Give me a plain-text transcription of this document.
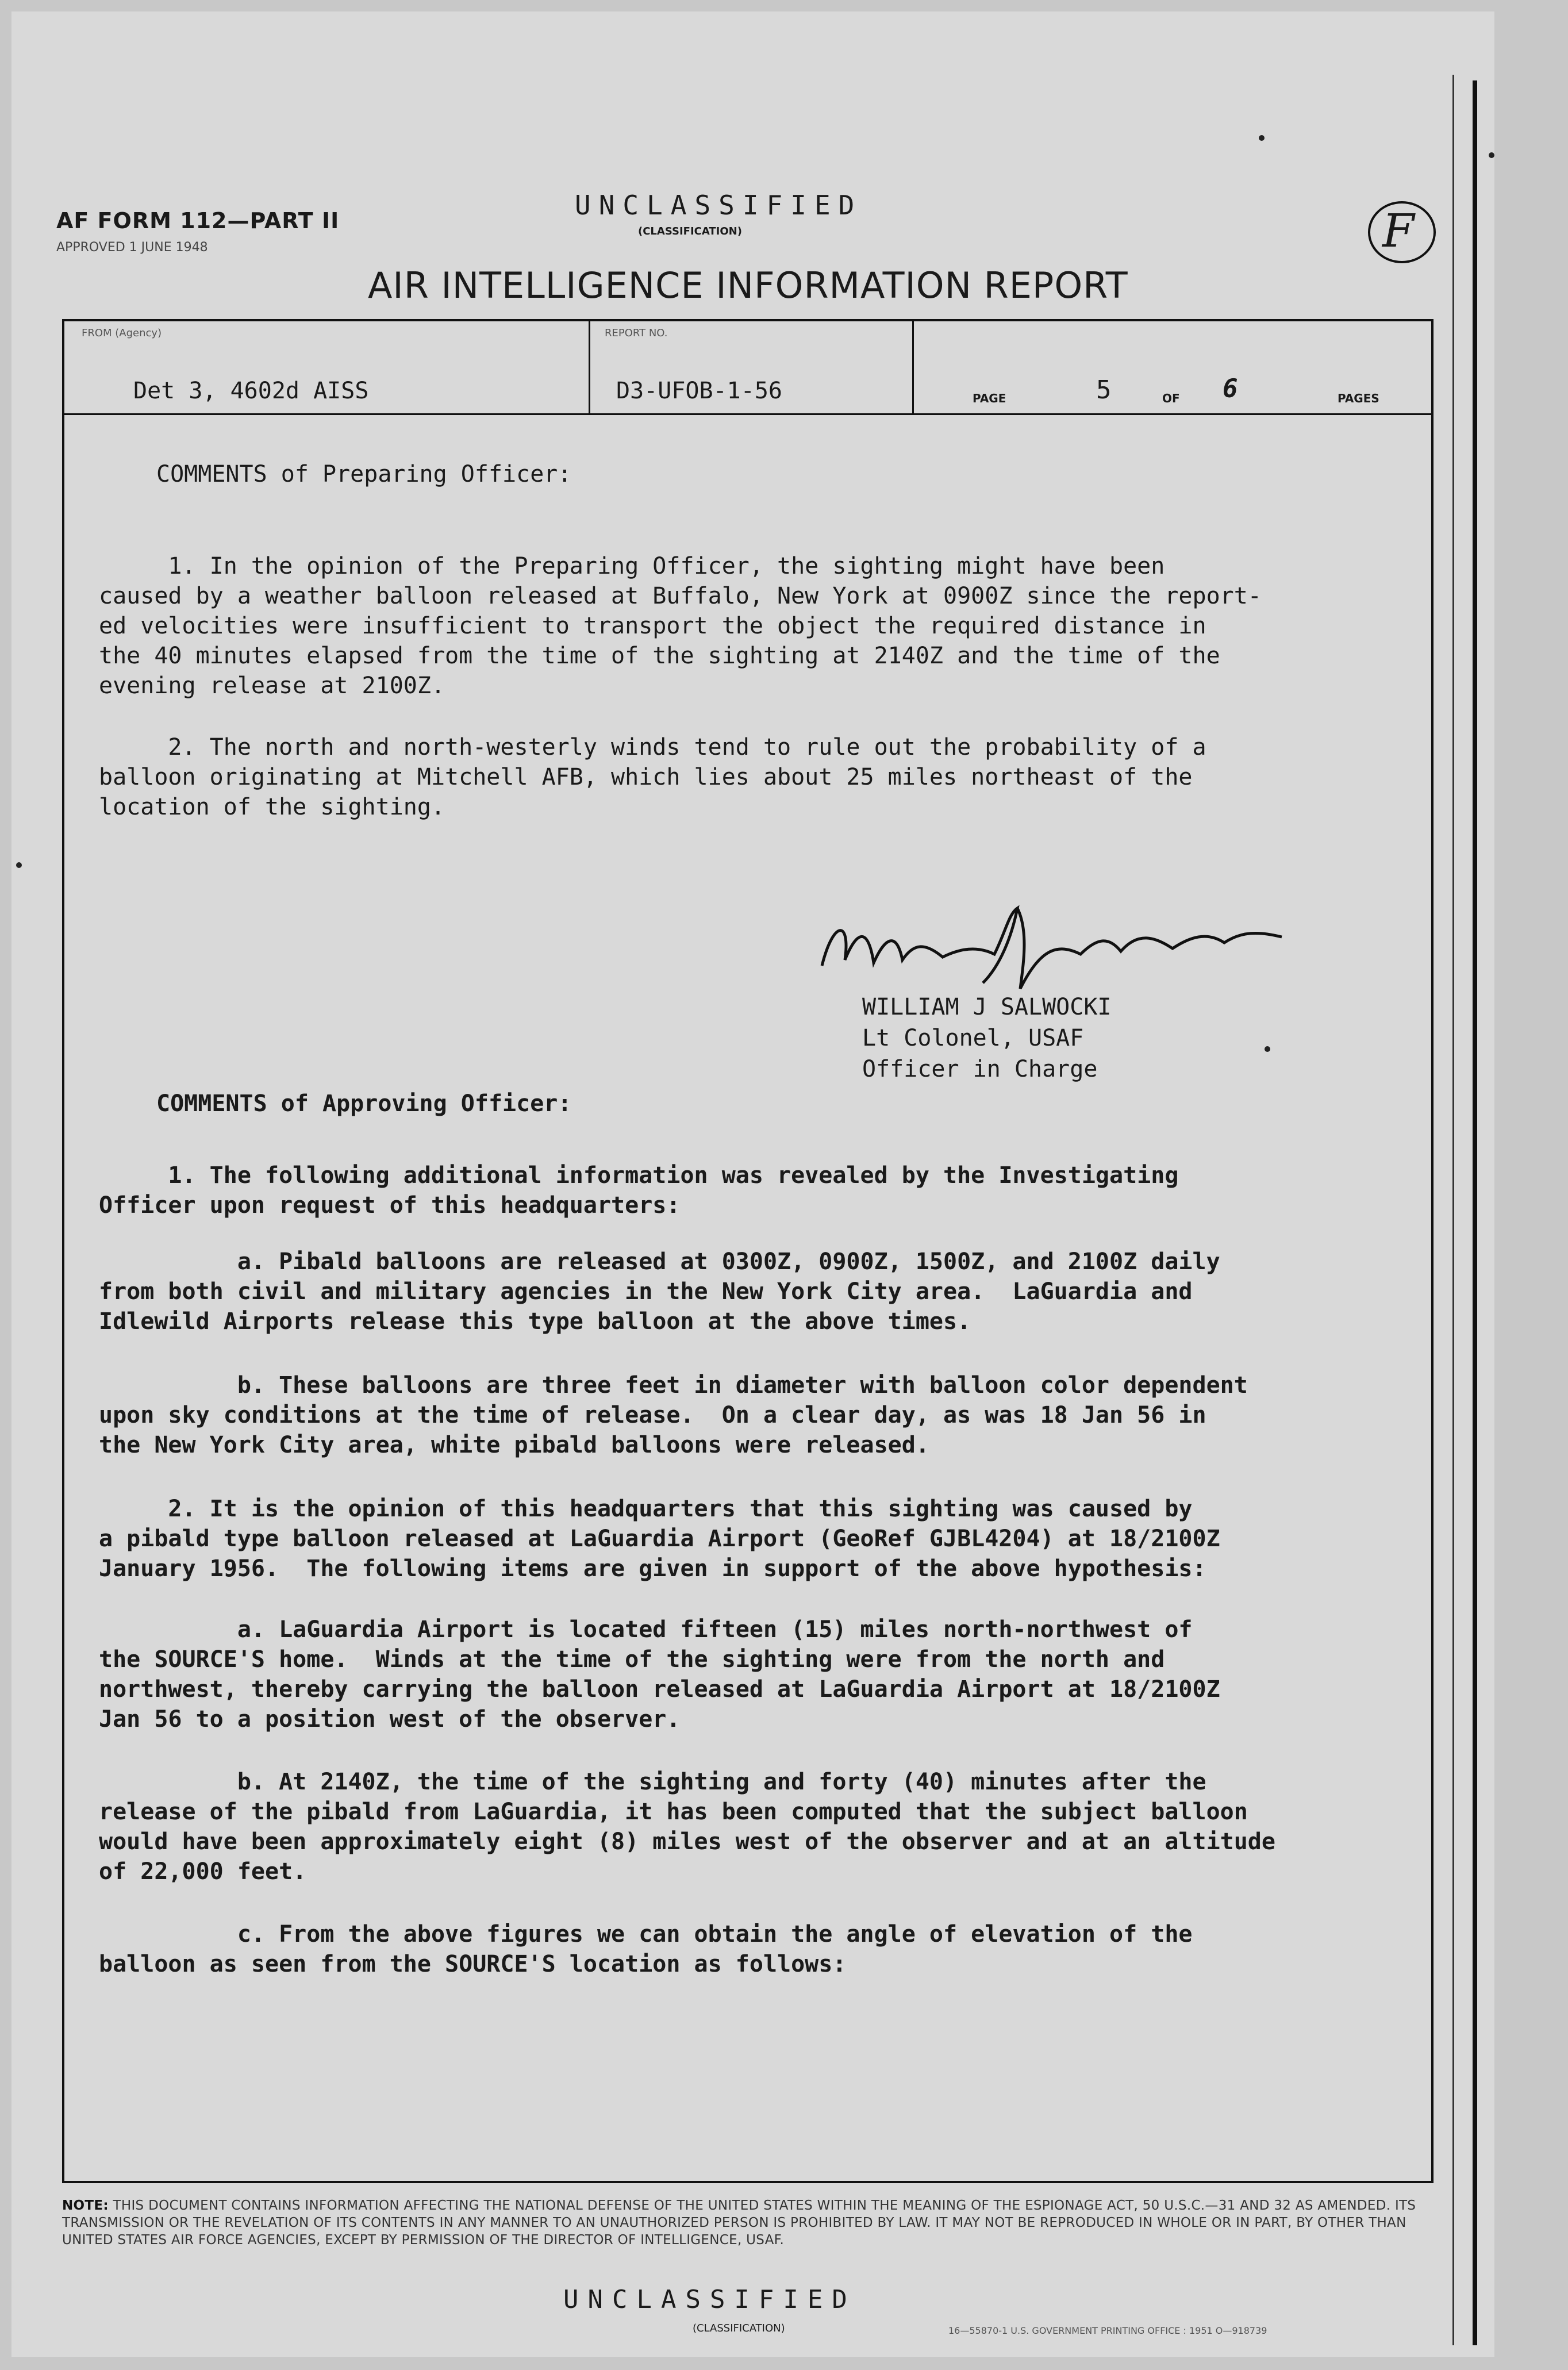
AF FORM 112—PART II
APPROVED 1 JUNE 1948
UNCLASSIFIED
(CLASSIFICATION)
AIR INTELLIGENCE INFORMATION REPORT
F
FROM (Agency)
Det 3, 4602d AISS
REPORT NO.
D3-UFOB-1-56	PAGE	5	OF 6	PAGES
COMMENTS of Preparing Officer:
1. In the opinion of the Preparing Officer, the sighting might have been
caused by a weather balloon released at Buffalo, New York at 0900Z since the report-
ed velocities were insufficient to transport the object the required distance in
the 40 minutes elapsed from the time of the sighting at 2140Z and the time of the
evening release at 2100Z.
2. The north and north-westerly winds tend to rule out the probability of a
balloon originating at Mitchell AFB, which lies about 25 miles northeast of the
location of the sighting.
COMMENTS of Approving Officer:
1. The following additional information was revealed by the Investigating
Officer upon request of this headquarters:
a. Pibald balloons are released at 0300Z, 0900Z, 1500Z, and 2100Z daily
from both civil and military agencies in the New York City area.  LaGuardia and
Idlewild Airports release this type balloon at the above times.
b. These balloons are three feet in diameter with balloon color dependent
upon sky conditions at the time of release.  On a clear day, as was 18 Jan 56 in
the New York City area, white pibald balloons were released.
2. It is the opinion of this headquarters that this sighting was caused by
a pibald type balloon released at LaGuardia Airport (GeoRef GJBL4204) at 18/2100Z
January 1956.  The following items are given in support of the above hypothesis:
a. LaGuardia Airport is located fifteen (15) miles north-northwest of
the SOURCE'S home.  Winds at the time of the sighting were from the north and
northwest, thereby carrying the balloon released at LaGuardia Airport at 18/2100Z
Jan 56 to a position west of the observer.
b. At 2140Z, the time of the sighting and forty (40) minutes after the
release of the pibald from LaGuardia, it has been computed that the subject balloon
would have been approximately eight (8) miles west of the observer and at an altitude
of 22,000 feet.
c. From the above figures we can obtain the angle of elevation of the
balloon as seen from the SOURCE'S location as follows:
WILLIAM J SALWOCKI
Lt Colonel, USAF
Officer in Charge
NOTE: THIS DOCUMENT CONTAINS INFORMATION AFFECTING THE NATIONAL DEFENSE OF THE UNITED STATES WITHIN THE MEANING OF THE ESPIONAGE ACT, 50 U.S.C.—31 AND 32 AS AMENDED. ITS TRANSMISSION OR THE REVELATION OF ITS CONTENTS IN ANY MANNER TO AN UNAUTHORIZED PERSON IS PROHIBITED BY LAW. IT MAY NOT BE REPRODUCED IN WHOLE OR IN PART, BY OTHER THAN UNITED STATES AIR FORCE AGENCIES, EXCEPT BY PERMISSION OF THE DIRECTOR OF INTELLIGENCE, USAF.
UNCLASSIFIED
(CLASSIFICATION)	16—55870-1 U.S. GOVERNMENT PRINTING OFFICE : 1951 O—918739
